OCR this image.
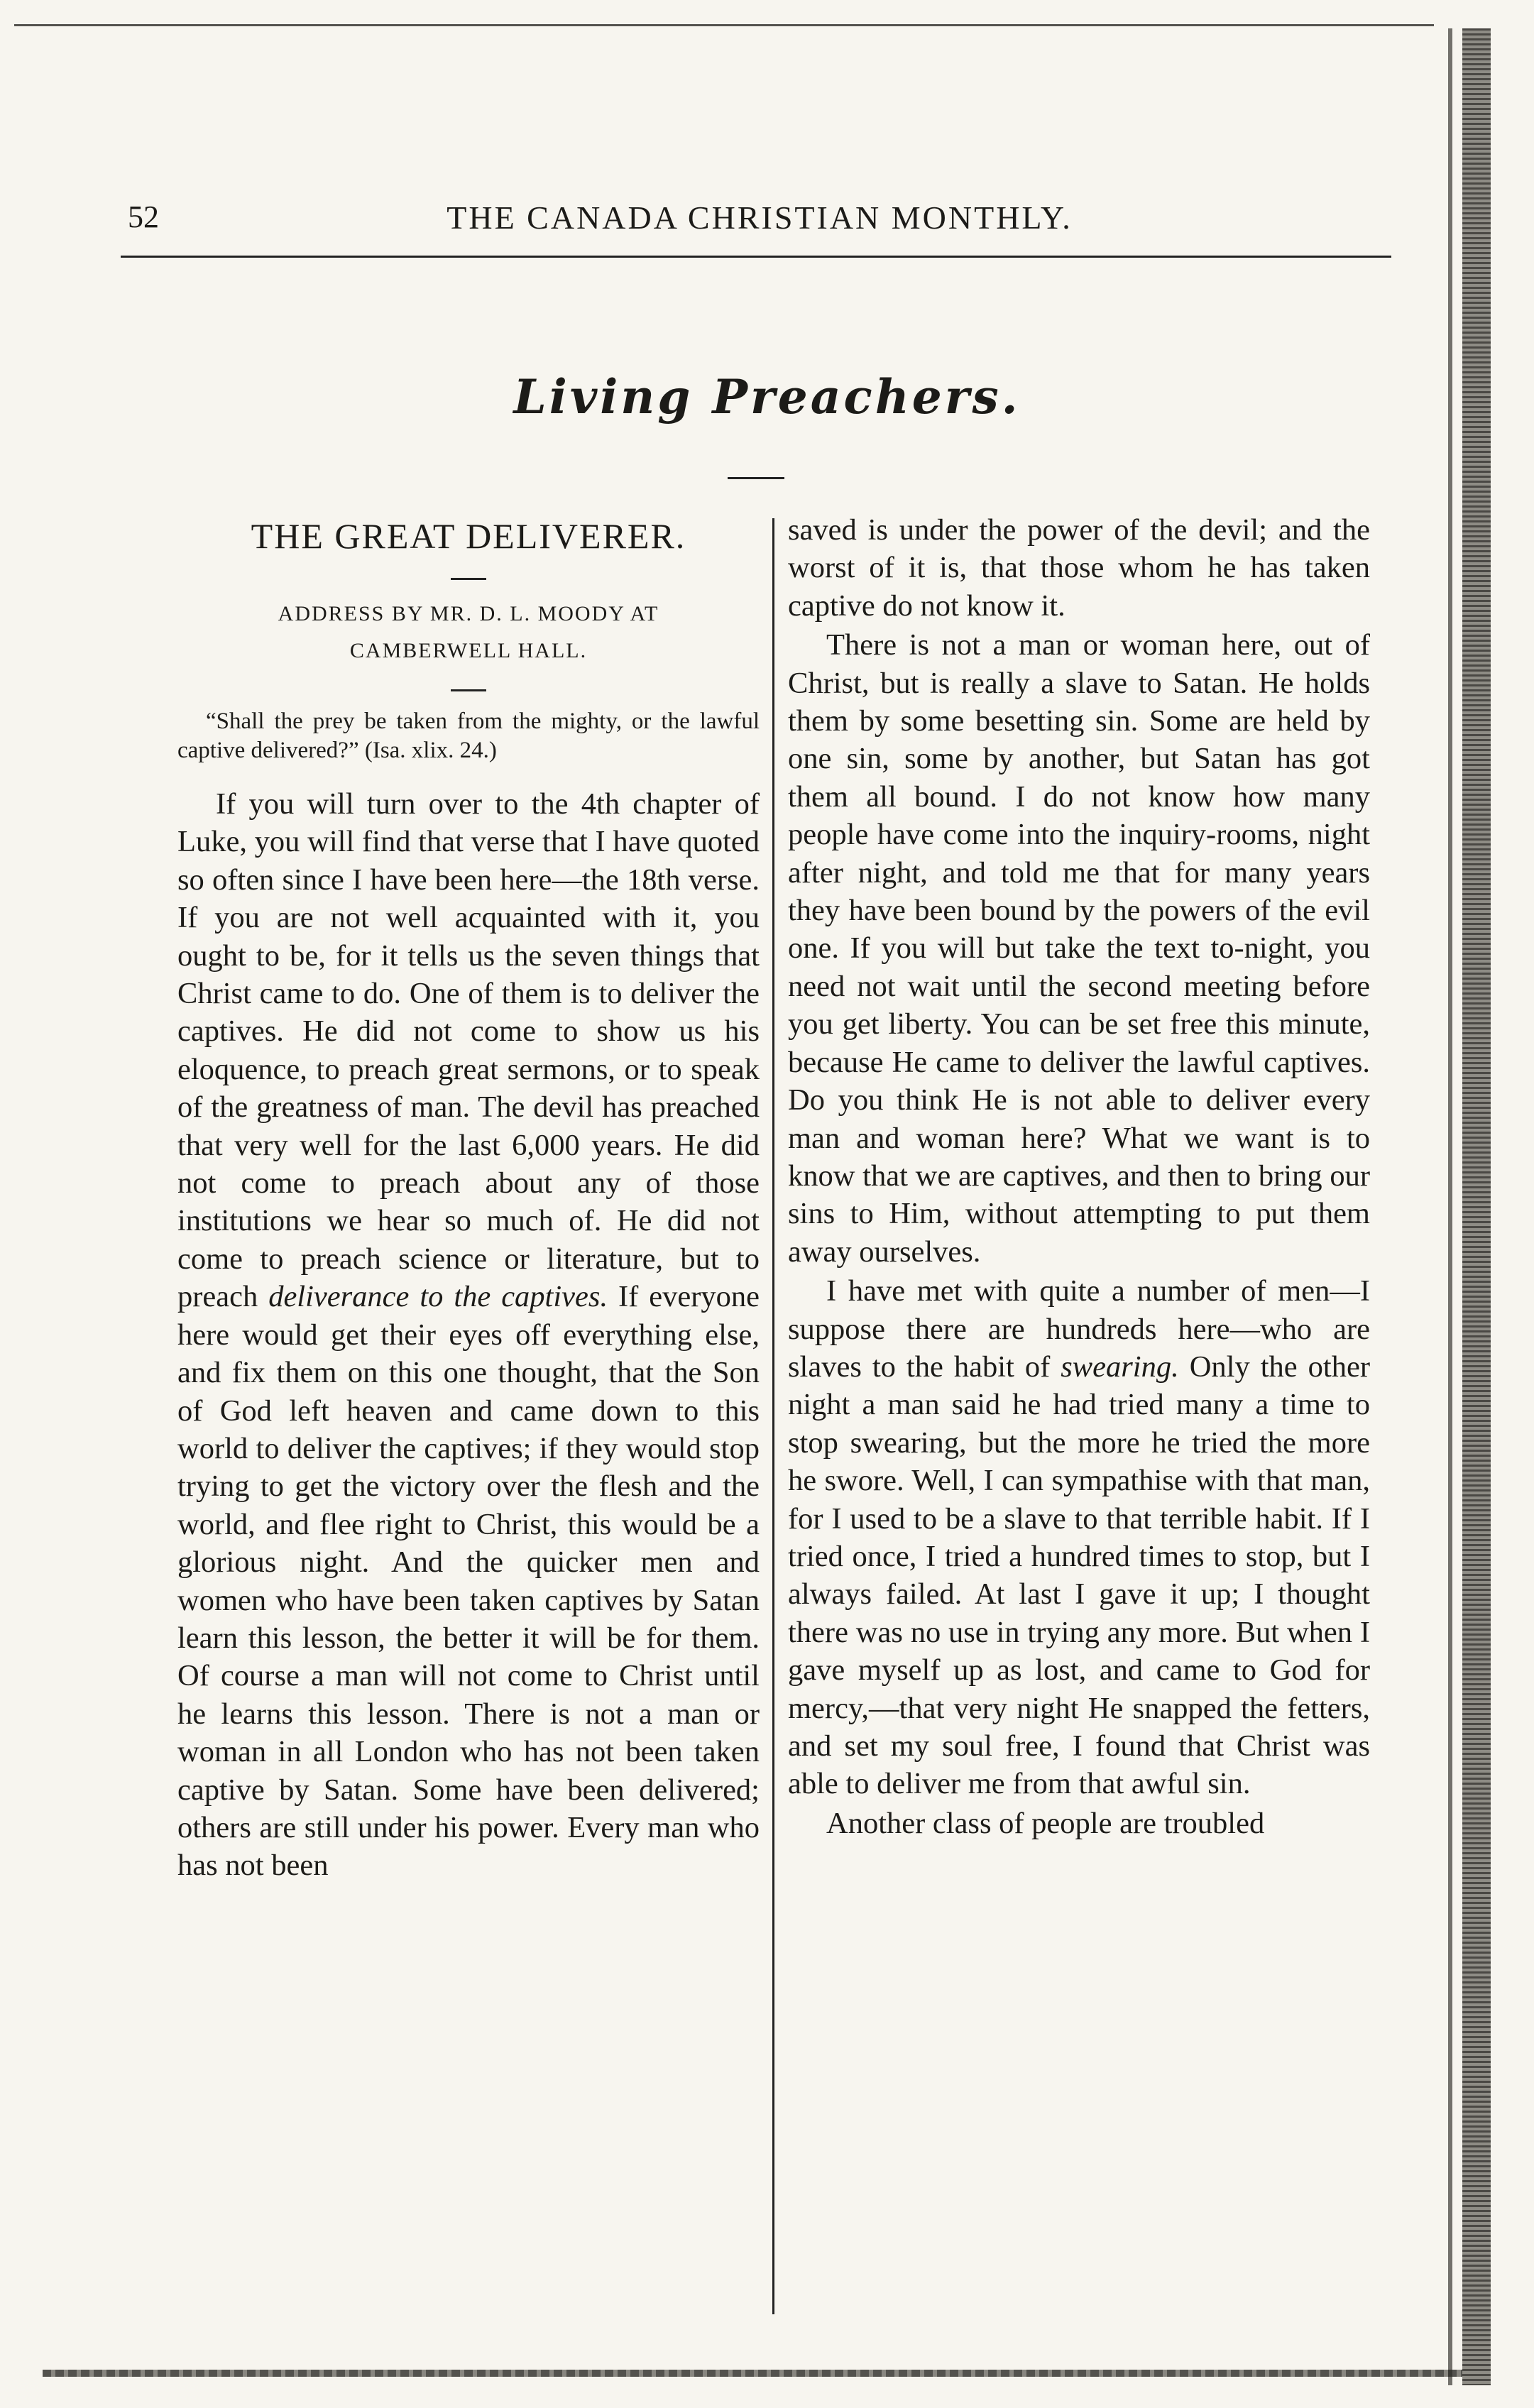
52	THE CANADA CHRISTIAN MONTHLY.
Living Preachers.
THE GREAT DELIVERER.
ADDRESS BY MR. D. L. MOODY AT
CAMBERWELL HALL.

“Shall the prey be taken from the mighty, or the lawful captive delivered?” (Isa. xlix. 24.)

If you will turn over to the 4th chapter of Luke, you will find that verse that I have quoted so often since I have been here—the 18th verse. If you are not well acquainted with it, you ought to be, for it tells us the seven things that Christ came to do. One of them is to deliver the captives. He did not come to show us his eloquence, to preach great sermons, or to speak of the greatness of man. The devil has preached that very well for the last 6,000 years. He did not come to preach about any of those institutions we hear so much of. He did not come to preach science or literature, but to preach deliverance to the captives. If everyone here would get their eyes off everything else, and fix them on this one thought, that the Son of God left heaven and came down to this world to deliver the captives; if they would stop trying to get the victory over the flesh and the world, and flee right to Christ, this would be a glorious night. And the quicker men and women who have been taken captives by Satan learn this lesson, the better it will be for them. Of course a man will not come to Christ until he learns this lesson. There is not a man or woman in all London who has not been taken captive by Satan. Some have been delivered; others are still under his power. Every man who has not been

saved is under the power of the devil; and the worst of it is, that those whom he has taken captive do not know it.

There is not a man or woman here, out of Christ, but is really a slave to Satan. He holds them by some besetting sin. Some are held by one sin, some by another, but Satan has got them all bound. I do not know how many people have come into the inquiry-rooms, night after night, and told me that for many years they have been bound by the powers of the evil one. If you will but take the text to-night, you need not wait until the second meeting before you get liberty. You can be set free this minute, because He came to deliver the lawful captives. Do you think He is not able to deliver every man and woman here? What we want is to know that we are captives, and then to bring our sins to Him, without attempting to put them away ourselves.

I have met with quite a number of men—I suppose there are hundreds here—who are slaves to the habit of swearing. Only the other night a man said he had tried many a time to stop swearing, but the more he tried the more he swore. Well, I can sympathise with that man, for I used to be a slave to that terrible habit. If I tried once, I tried a hundred times to stop, but I always failed. At last I gave it up; I thought there was no use in trying any more. But when I gave myself up as lost, and came to God for mercy,—that very night He snapped the fetters, and set my soul free, I found that Christ was able to deliver me from that awful sin.

Another class of people are troubled
